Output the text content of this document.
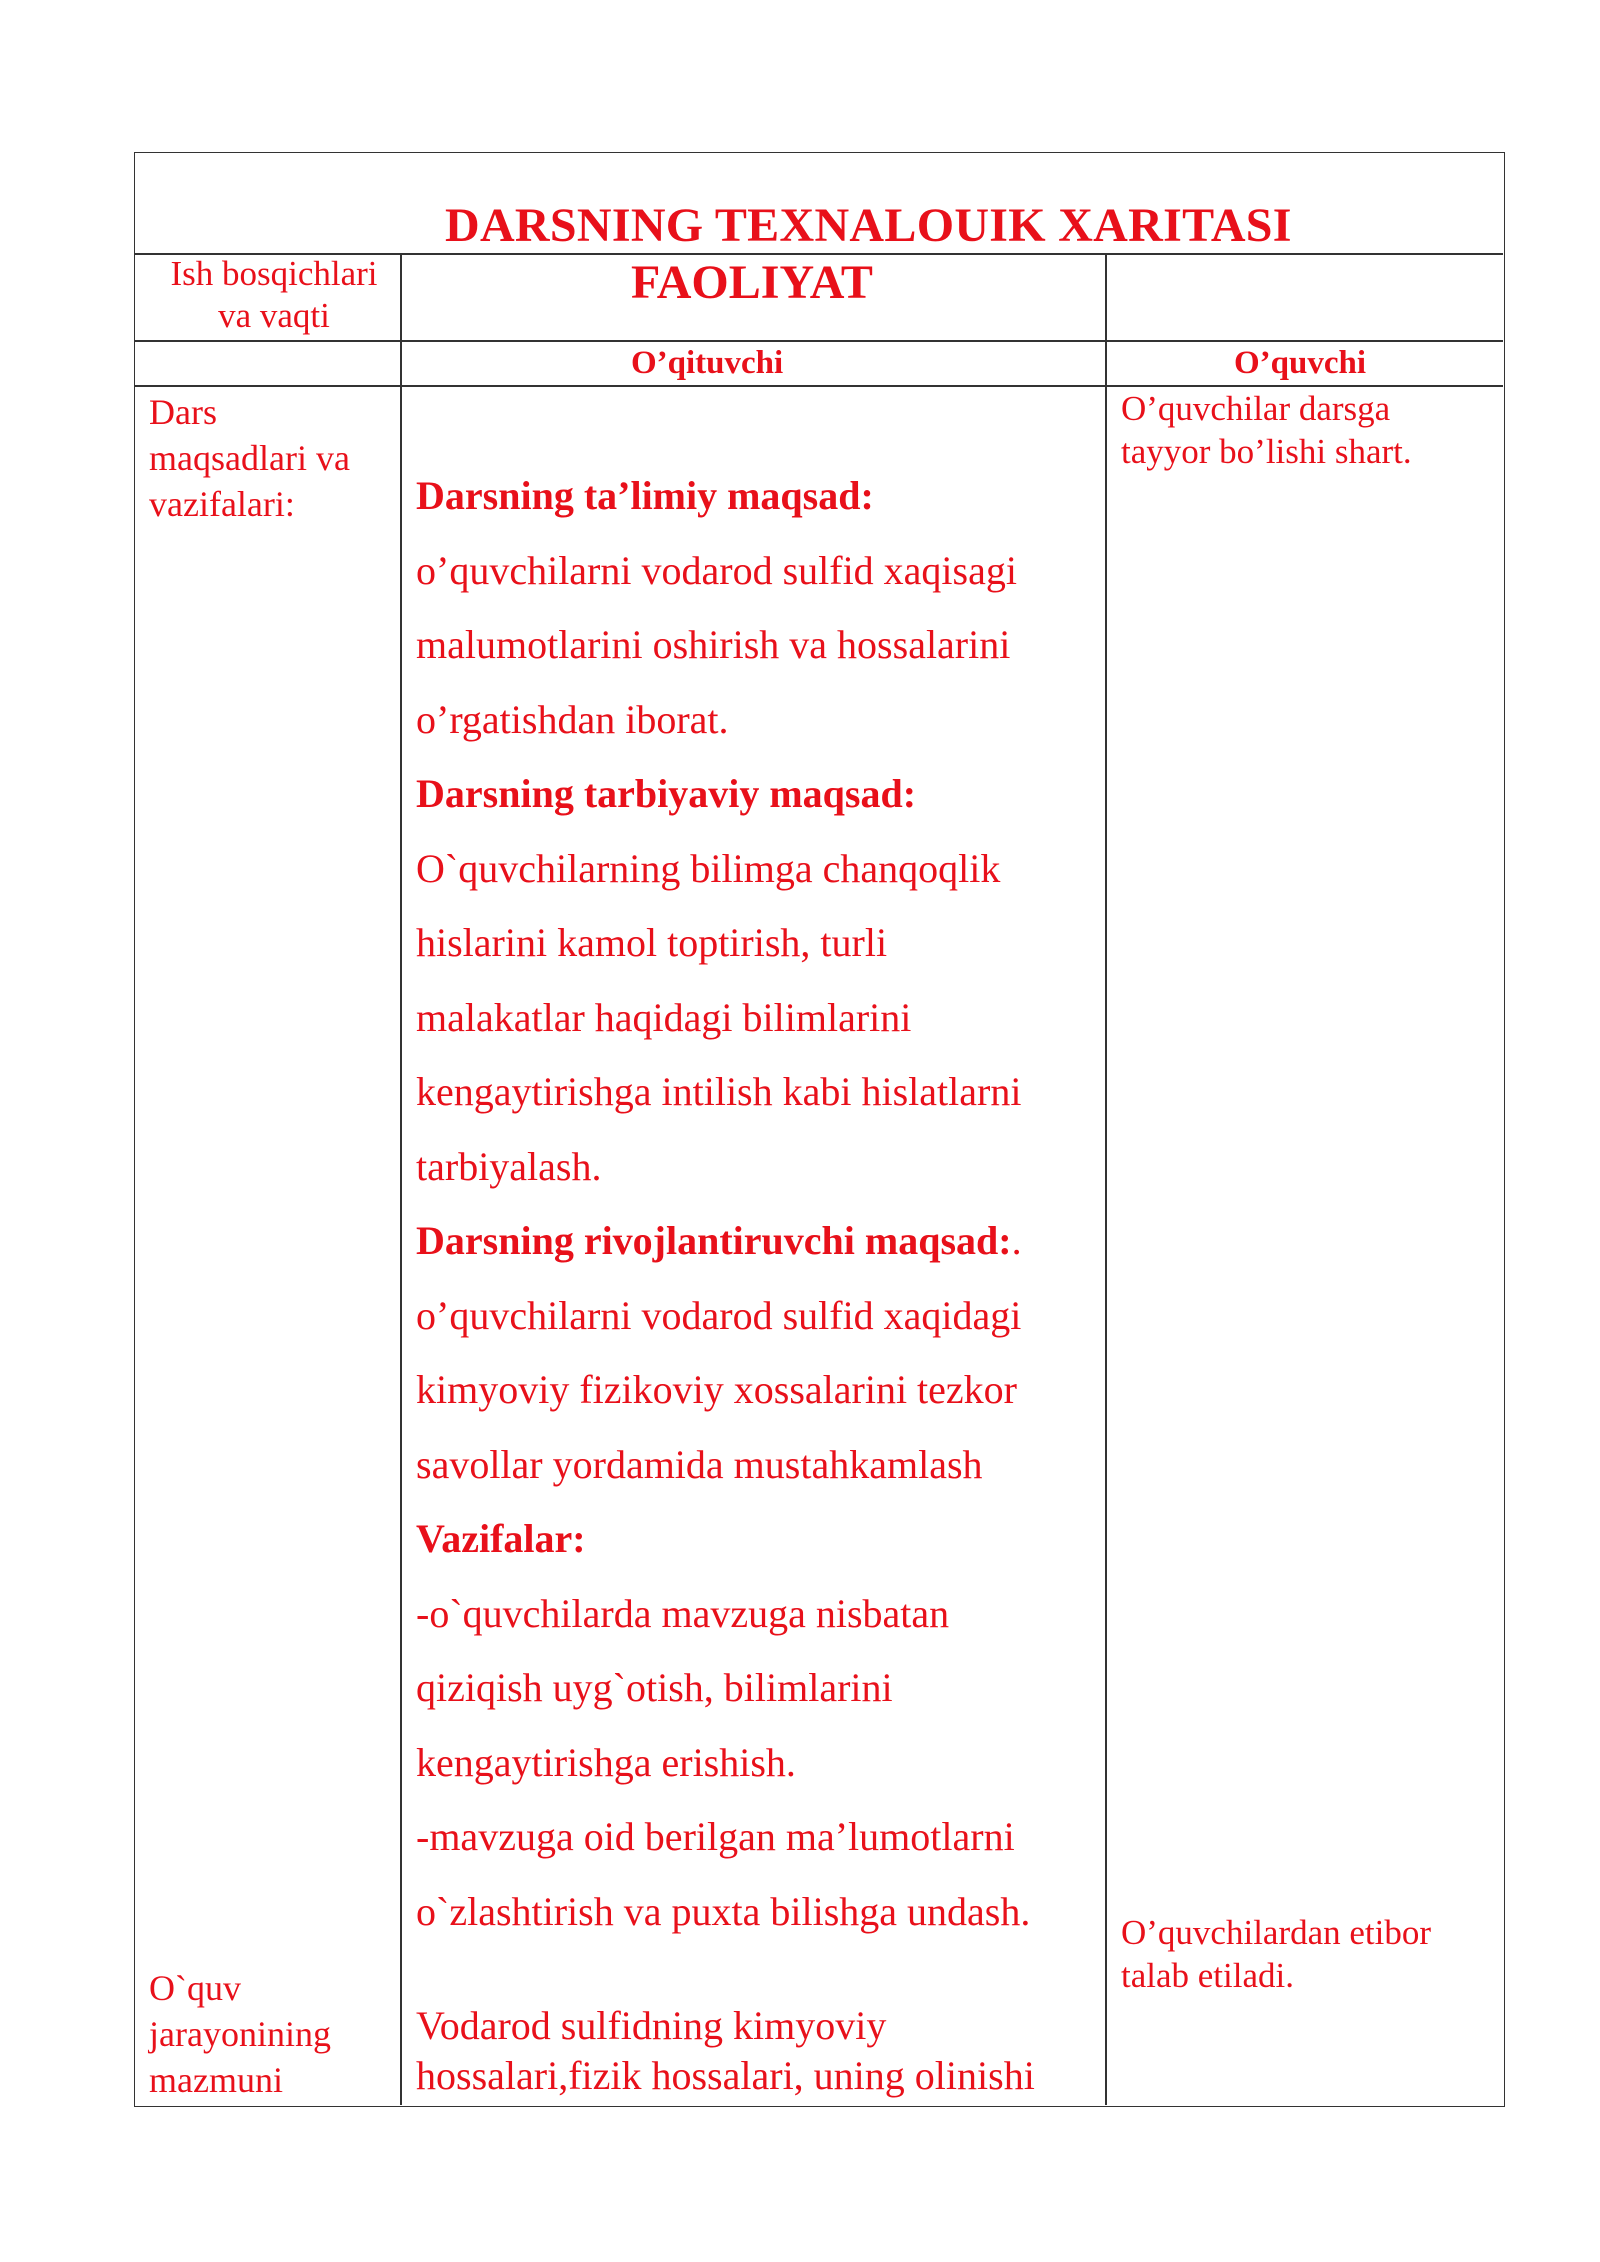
DARSNING TEXNALOUIK XARITASI
Ish bosqichlari
va vaqti
FAOLIYAT
O’qituvchi	O’quvchi
Dars
maqsadlari va
vazifalari:	Darsning ta’limiy maqsad:
o’quvchilarni vodarod sulfid xaqisagi
malumotlarini oshirish va hossalarini
o’rgatishdan iborat.
Darsning tarbiyaviy maqsad:
O`quvchilarning bilimga chanqoqlik
hislarini kamol toptirish, turli
malakatlar haqidagi bilimlarini
kengaytirishga intilish kabi hislatlarni
tarbiyalash.
Darsning rivojlantiruvchi maqsad:.
o’quvchilarni vodarod sulfid xaqidagi
kimyoviy fizikoviy xossalarini tezkor
savollar yordamida mustahkamlash
Vazifalar:
-o`quvchilarda mavzuga nisbatan
qiziqish uyg`otish, bilimlarini
kengaytirishga erishish.
-mavzuga oid berilgan ma’lumotlarni
o`zlashtirish va puxta bilishga undash.
O’quvchilar darsga
tayyor bo’lishi shart.
O’quvchilardan etibor
talab etiladi.
O`quv
jarayonining
mazmuni
Vodarod sulfidning kimyoviy
hossalari,fizik hossalari, uning olinishi
